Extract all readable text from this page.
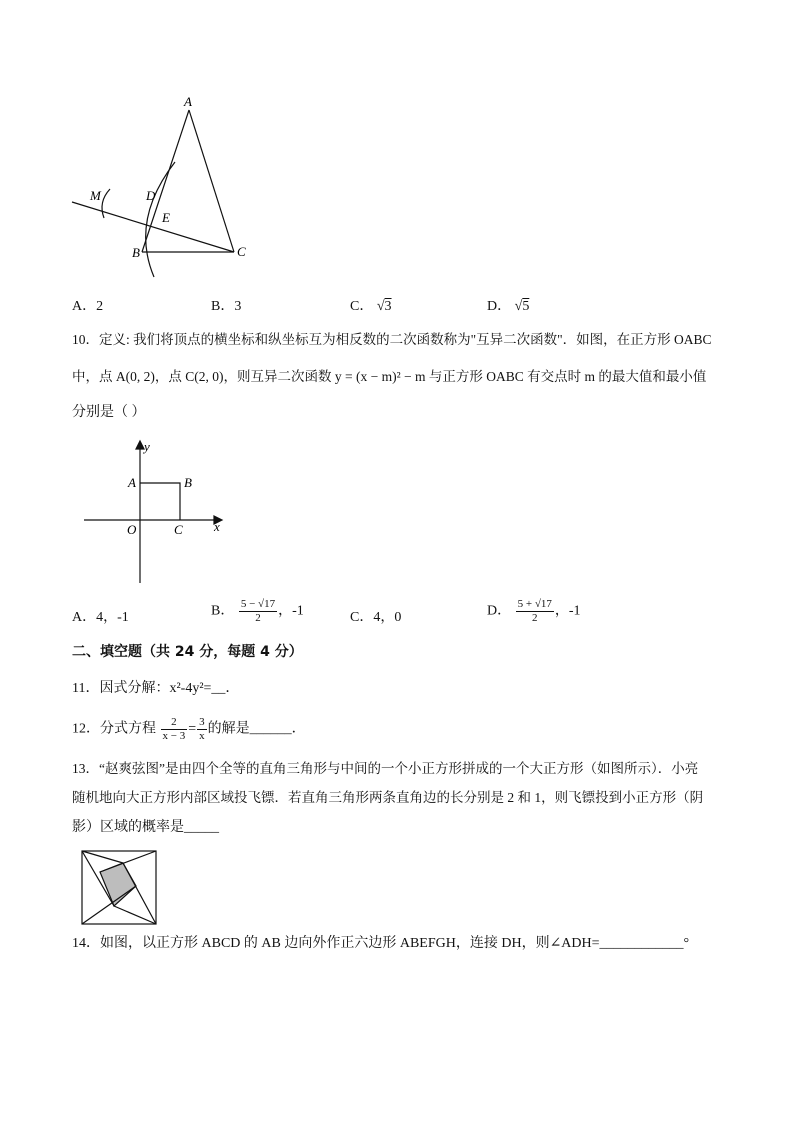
A
M	D
E
B	C
A．2	B．3	C． √3	D． √5
10．定义: 我们将顶点的横坐标和纵坐标互为相反数的二次函数称为"互异二次函数"．如图，在正方形 OABC
中，点 A(0, 2)，点 C(2, 0)，则互异二次函数 y = (x − m)² − m 与正方形 OABC 有交点时 m 的最大值和最小值
分别是（ ）
y
x
A	B
O	C
A．4，-1	B． $\frac{5 - √17}{2}$ ，-1	C．4，0	D． $\frac{5 + √17}{2}$ ，-1
二、填空题（共 24 分，每题 4 分）
11．因式分解：x²-4y²=__．
12．分式方程 $\frac{2}{x - 3} = \frac{3}{x}$ 的解是______．
13．“赵爽弦图”是由四个全等的直角三角形与中间的一个小正方形拼成的一个大正方形（如图所示）．小亮
随机地向大正方形内部区域投飞镖．若直角三角形两条直角边的长分别是 2 和 1，则飞镖投到小正方形（阴
影）区域的概率是_____
14．如图，以正方形 ABCD 的 AB 边向外作正六边形 ABEFGH，连接 DH，则∠ADH=____________°
